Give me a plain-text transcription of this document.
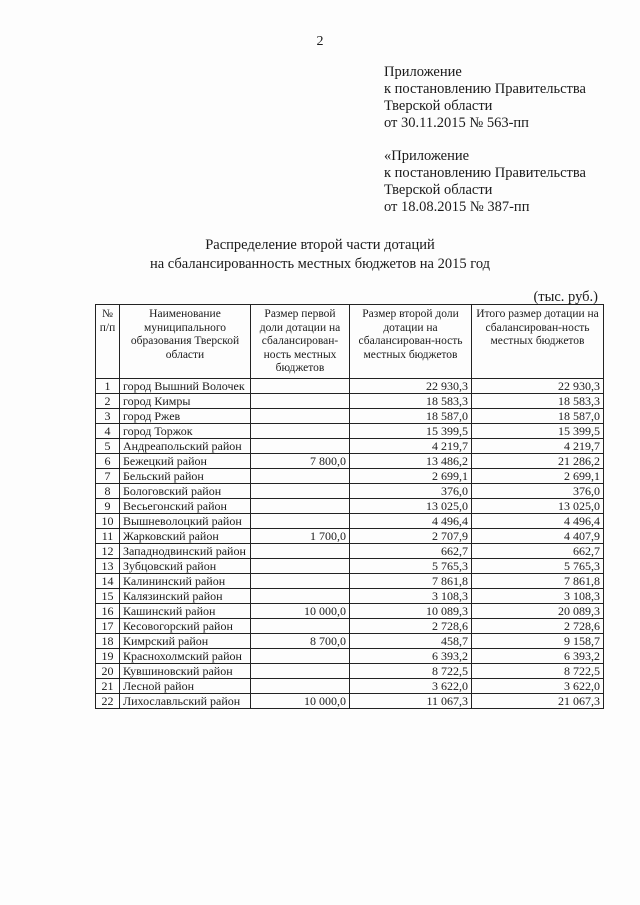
2
Приложение
к постановлению Правительства
Тверской области
от 30.11.2015 № 563-пп
«Приложение
к постановлению Правительства
Тверской области
от 18.08.2015 № 387-пп
Распределение второй части дотаций
на сбалансированность местных бюджетов на 2015 год
(тыс. руб.)
№ п/п	Наименование муниципального образования Тверской области	Размер первой доли дотации на сбалансирован-ность местных бюджетов	Размер второй доли дотации на сбалансирован-ность местных бюджетов	Итого размер дотации на сбалансирован-ность местных бюджетов
1	город Вышний Волочек		22 930,3	22 930,3
2	город Кимры		18 583,3	18 583,3
3	город Ржев		18 587,0	18 587,0
4	город Торжок		15 399,5	15 399,5
5	Андреапольский район		4 219,7	4 219,7
6	Бежецкий район	7 800,0	13 486,2	21 286,2
7	Бельский район		2 699,1	2 699,1
8	Бологовский район		376,0	376,0
9	Весьегонский район		13 025,0	13 025,0
10	Вышневолоцкий район		4 496,4	4 496,4
11	Жарковский район	1 700,0	2 707,9	4 407,9
12	Западнодвинский район		662,7	662,7
13	Зубцовский район		5 765,3	5 765,3
14	Калининский район		7 861,8	7 861,8
15	Калязинский район		3 108,3	3 108,3
16	Кашинский район	10 000,0	10 089,3	20 089,3
17	Кесовогорский район		2 728,6	2 728,6
18	Кимрский район	8 700,0	458,7	9 158,7
19	Краснохолмский район		6 393,2	6 393,2
20	Кувшиновский район		8 722,5	8 722,5
21	Лесной район		3 622,0	3 622,0
22	Лихославльский район	10 000,0	11 067,3	21 067,3
